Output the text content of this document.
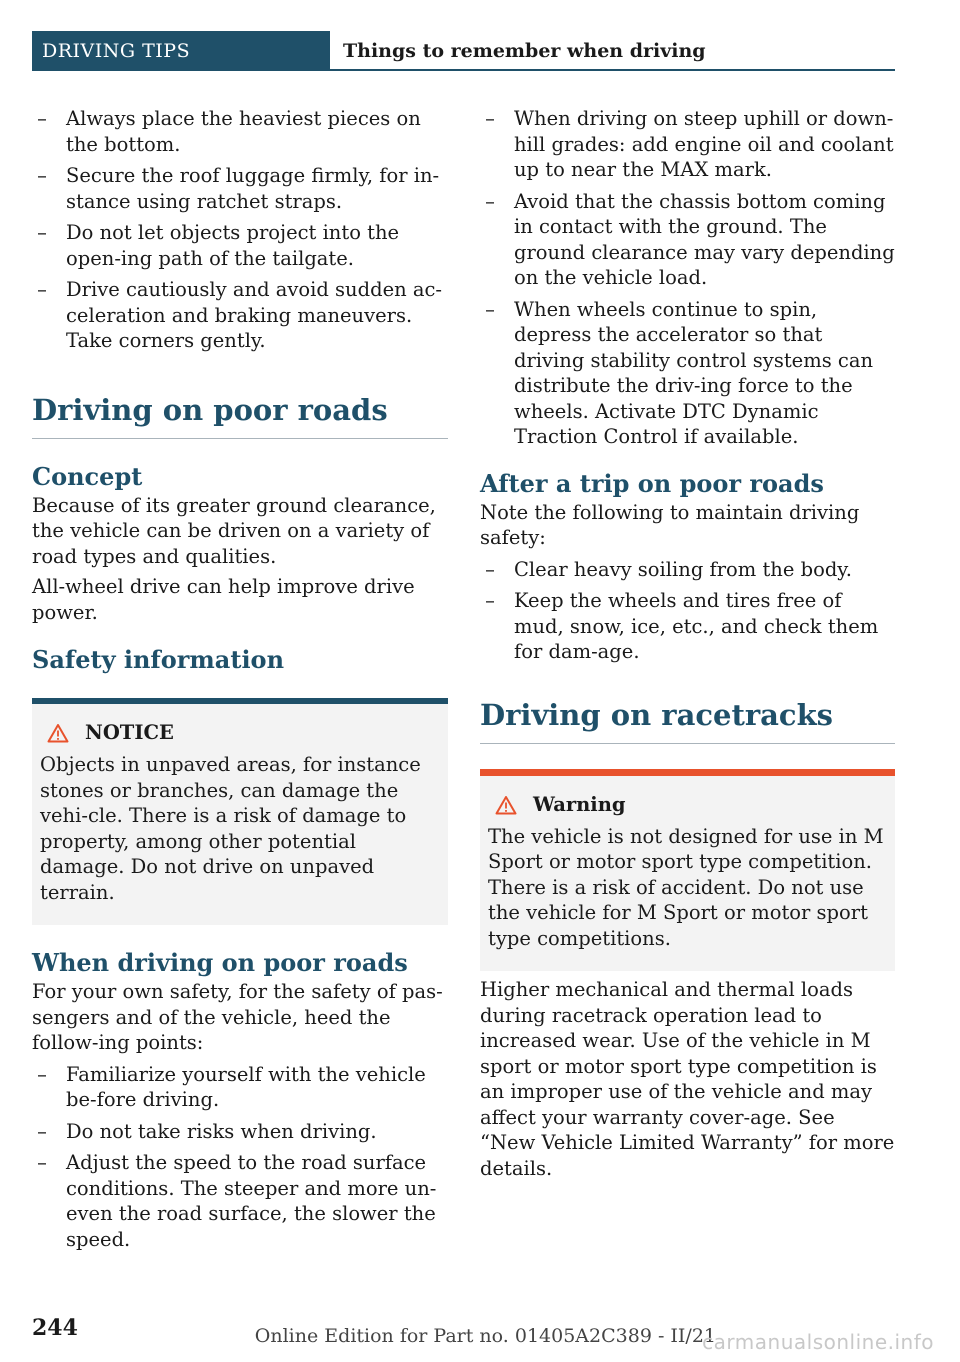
DRIVING TIPS	Things to remember when driving
– Always place the heaviest pieces on the bottom.
– Secure the roof luggage firmly, for in-stance using ratchet straps.
– Do not let objects project into the open-ing path of the tailgate.
– Drive cautiously and avoid sudden ac-celeration and braking maneuvers. Take corners gently.
Driving on poor roads
Concept

Because of its greater ground clearance, the vehicle can be driven on a variety of road types and qualities.

All-wheel drive can help improve drive power.

Safety information
NOTICE

Objects in unpaved areas, for instance stones or branches, can damage the vehi-cle. There is a risk of damage to property, among other potential damage. Do not drive on unpaved terrain.

When driving on poor roads

For your own safety, for the safety of pas-sengers and of the vehicle, heed the follow-ing points:

– Familiarize yourself with the vehicle be-fore driving.
– Do not take risks when driving.
– Adjust the speed to the road surface conditions. The steeper and more un-even the road surface, the slower the speed.
– When driving on steep uphill or down-hill grades: add engine oil and coolant up to near the MAX mark.
– Avoid that the chassis bottom coming in contact with the ground. The ground clearance may vary depending on the vehicle load.
– When wheels continue to spin, depress the accelerator so that driving stability control systems can distribute the driv-ing force to the wheels. Activate DTC Dynamic Traction Control if available.
After a trip on poor roads

Note the following to maintain driving safety:

– Clear heavy soiling from the body.
– Keep the wheels and tires free of mud, snow, ice, etc., and check them for dam-age.
Driving on racetracks
Warning

The vehicle is not designed for use in M Sport or motor sport type competition. There is a risk of accident. Do not use the vehicle for M Sport or motor sport type competitions.

Higher mechanical and thermal loads during racetrack operation lead to increased wear. Use of the vehicle in M sport or motor sport type competition is an improper use of the vehicle and may affect your warranty cover-age. See “New Vehicle Limited Warranty” for more details.

244	Online Edition for Part no. 01405A2C389 - II/21
carmanualsonline.info
